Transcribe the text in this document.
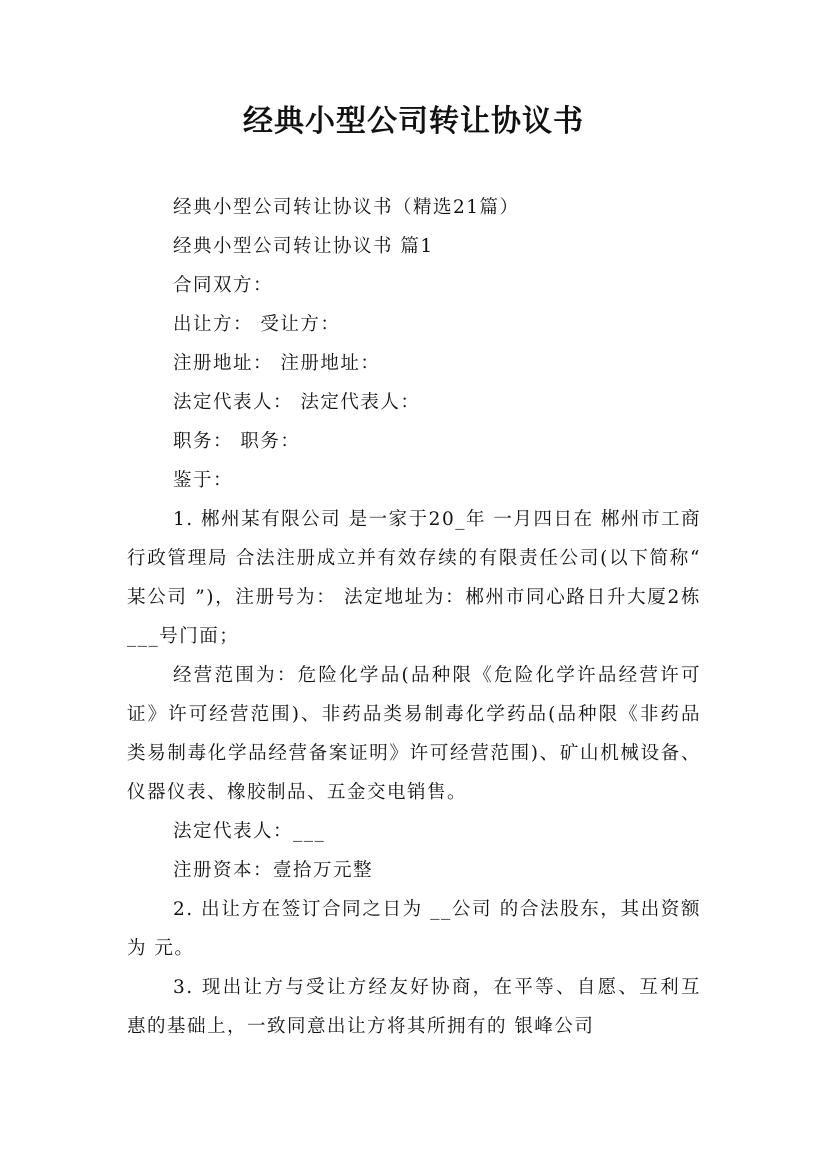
经典小型公司转让协议书

经典小型公司转让协议书（精选21篇）

经典小型公司转让协议书 篇1

合同双方：

出让方： 受让方：

注册地址： 注册地址：

法定代表人： 法定代表人：

职务： 职务：

鉴于：

1. 郴州某有限公司 是一家于20_年 一月四日在 郴州市工商行政管理局 合法注册成立并有效存续的有限责任公司(以下简称“ 某公司 ”)，注册号为： 法定地址为：郴州市同心路日升大厦2栋___号门面；

经营范围为：危险化学品(品种限《危险化学许品经营许可证》许可经营范围)、非药品类易制毒化学药品(品种限《非药品类易制毒化学品经营备案证明》许可经营范围)、矿山机械设备、仪器仪表、橡胶制品、五金交电销售。

法定代表人：___

注册资本：壹拾万元整

2. 出让方在签订合同之日为 __公司 的合法股东，其出资额为 元。

3. 现出让方与受让方经友好协商，在平等、自愿、互利互惠的基础上，一致同意出让方将其所拥有的 银峰公司
